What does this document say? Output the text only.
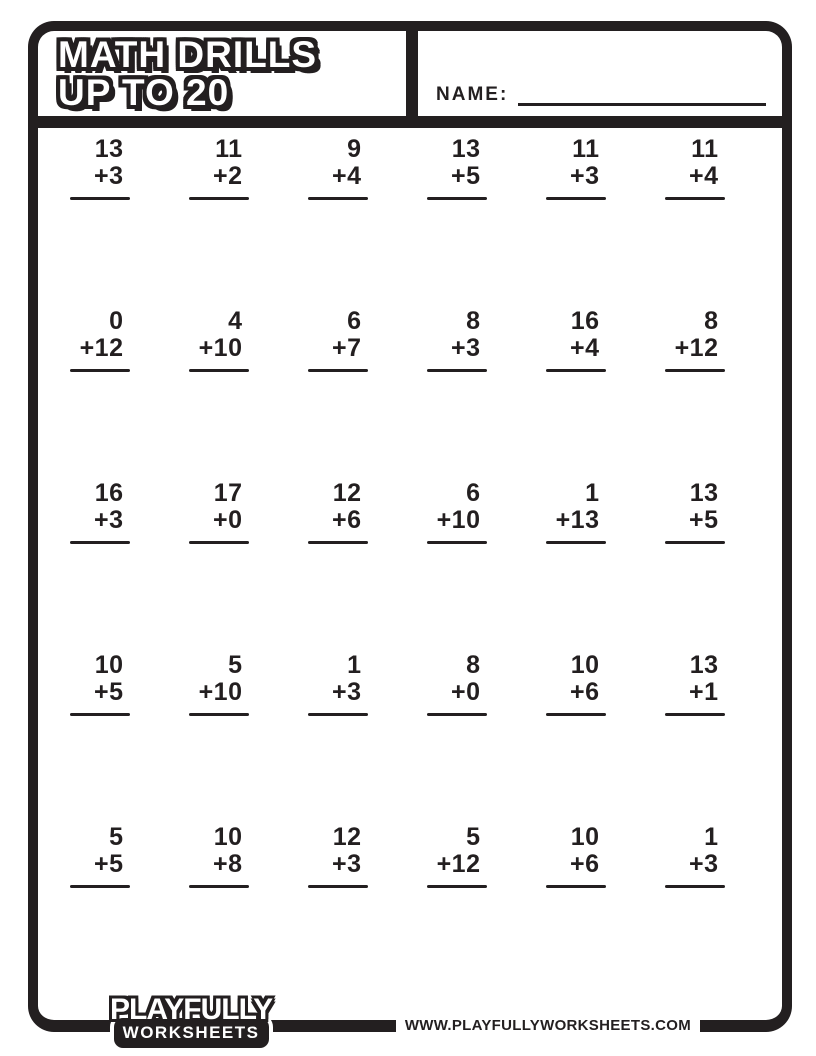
MATH DRILLS
UP TO 20	NAME:
13
+3
11
+2
9
+4
13
+5
11
+3
11
+4
0
+12
4
+10
6
+7
8
+3
16
+4
8
+12
16
+3
17
+0
12
+6
6
+10
1
+13
13
+5
10
+5
5
+10
1
+3
8
+0
10
+6
13
+1
5
+5
10
+8
12
+3
5
+12
10
+6
1
+3
PLAYFULLY
WORKSHEETS	WWW.PLAYFULLYWORKSHEETS.COM
